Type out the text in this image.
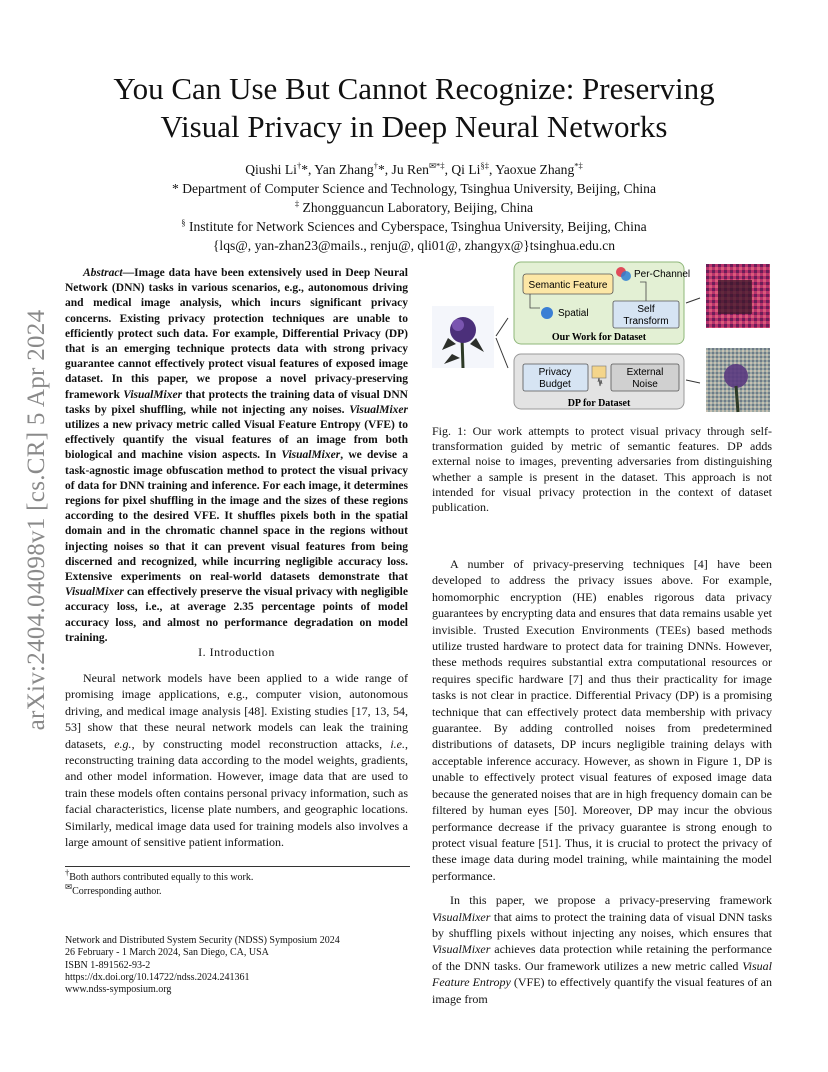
arXiv:2404.04098v1 [cs.CR] 5 Apr 2024
You Can Use But Cannot Recognize: Preserving
Visual Privacy in Deep Neural Networks
Qiushi Li†*, Yan Zhang†*, Ju Ren✉*‡, Qi Li§‡, Yaoxue Zhang*‡
* Department of Computer Science and Technology, Tsinghua University, Beijing, China
‡ Zhongguancun Laboratory, Beijing, China
§ Institute for Network Sciences and Cyberspace, Tsinghua University, Beijing, China
{lqs@, yan-zhan23@mails., renju@, qli01@, zhangyx@}tsinghua.edu.cn

Abstract—Image data have been extensively used in Deep Neural Network (DNN) tasks in various scenarios, e.g., autonomous driving and medical image analysis, which incurs significant privacy concerns. Existing privacy protection techniques are unable to efficiently protect such data. For example, Differential Privacy (DP) that is an emerging technique protects data with strong privacy guarantee cannot effectively protect visual features of exposed image dataset. In this paper, we propose a novel privacy-preserving framework VisualMixer that protects the training data of visual DNN tasks by pixel shuffling, while not injecting any noises. VisualMixer utilizes a new privacy metric called Visual Feature Entropy (VFE) to effectively quantify the visual features of an image from both biological and machine vision aspects. In VisualMixer, we devise a task-agnostic image obfuscation method to protect the visual privacy of data for DNN training and inference. For each image, it determines regions for pixel shuffling in the image and the sizes of these regions according to the desired VFE. It shuffles pixels both in the spatial domain and in the chromatic channel space in the regions without injecting noises so that it can prevent visual features from being discerned and recognized, while incurring negligible accuracy loss. Extensive experiments on real-world datasets demonstrate that VisualMixer can effectively preserve the visual privacy with negligible accuracy loss, i.e., at average 2.35 percentage points of model accuracy loss, and almost no performance degradation on model training.

I. Introduction

Neural network models have been applied to a wide range of promising image applications, e.g., computer vision, autonomous driving, and medical image analysis [48]. Existing studies [17, 13, 54, 53] show that these neural network models can leak the training datasets, e.g., by constructing model reconstruction attacks, i.e., reconstructing training data according to the model weights, gradients, and other model information. However, image data that are used to train these models often contains personal privacy information, such as facial characteristics, license plate numbers, and geographic locations. Similarly, medical image data used for training models also involves a large amount of sensitive patient information.

†Both authors contributed equally to this work.
✉Corresponding author.
Network and Distributed System Security (NDSS) Symposium 2024
26 February - 1 March 2024, San Diego, CA, USA
ISBN 1-891562-93-2
https://dx.doi.org/10.14722/ndss.2024.241361
www.ndss-symposium.org
Semantic Feature
Per-Channel
Spatial	Self
Transform
Our Work for Dataset
Privacy
Budget
External
Noise
DP for Dataset
Fig. 1: Our work attempts to protect visual privacy through self-transformation guided by metric of semantic features. DP adds external noise to images, preventing adversaries from distinguishing whether a sample is present in the dataset. This approach is not intended for visual privacy protection in the context of dataset publication.

A number of privacy-preserving techniques [4] have been developed to address the privacy issues above. For example, homomorphic encryption (HE) enables rigorous data privacy guarantees by encrypting data and ensures that data remains usable yet invisible. Trusted Execution Environments (TEEs) based methods utilize trusted hardware to protect data for training DNNs. However, these methods requires substantial extra computational resources or requires specific hardware [7] and thus their practicality for image tasks is not clear in practice. Differential Privacy (DP) is a promising technique that can effectively protect data membership with privacy guarantee. By adding controlled noises from predetermined distributions of datasets, DP incurs negligible training delays with acceptable inference accuracy. However, as shown in Figure 1, DP is unable to effectively protect visual features of exposed image data because the generated noises that are in high frequency domain can be filtered by human eyes [50]. Moreover, DP may incur the obvious performance decrease if the privacy guarantee is strong enough to protect visual feature [51]. Thus, it is crucial to protect the privacy of these image data during model training, while maintaining the model performance.

In this paper, we propose a privacy-preserving framework VisualMixer that aims to protect the training data of visual DNN tasks by shuffling pixels without injecting any noises, which ensures that VisualMixer achieves data protection while retaining the performance of the DNN tasks. Our framework utilizes a new metric called Visual Feature Entropy (VFE) to effectively quantify the visual features of an image from
